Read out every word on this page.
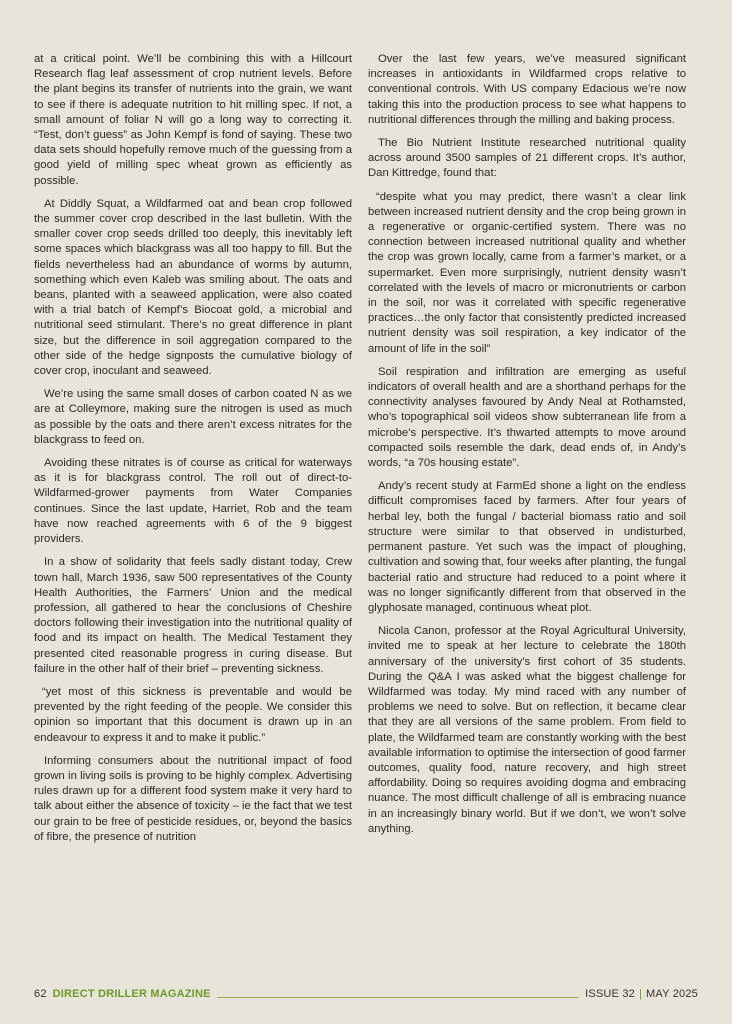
at a critical point. We’ll be combining this with a Hillcourt Research flag leaf assessment of crop nutrient levels. Before the plant begins its transfer of nutrients into the grain, we want to see if there is adequate nutrition to hit milling spec. If not, a small amount of foliar N will go a long way to correcting it. “Test, don’t guess” as John Kempf is fond of saying. These two data sets should hopefully remove much of the guessing from a good yield of milling spec wheat grown as efficiently as possible.

At Diddly Squat, a Wildfarmed oat and bean crop followed the summer cover crop described in the last bulletin. With the smaller cover crop seeds drilled too deeply, this inevitably left some spaces which blackgrass was all too happy to fill. But the fields nevertheless had an abundance of worms by autumn, something which even Kaleb was smiling about. The oats and beans, planted with a seaweed application, were also coated with a trial batch of Kempf’s Biocoat gold, a microbial and nutritional seed stimulant. There’s no great difference in plant size, but the difference in soil aggregation compared to the other side of the hedge signposts the cumulative biology of cover crop, inoculant and seaweed.

We’re using the same small doses of carbon coated N as we are at Colleymore, making sure the nitrogen is used as much as possible by the oats and there aren’t excess nitrates for the blackgrass to feed on.

Avoiding these nitrates is of course as critical for waterways as it is for blackgrass control. The roll out of direct-to-Wildfarmed-grower payments from Water Companies continues. Since the last update, Harriet, Rob and the team have now reached agreements with 6 of the 9 biggest providers.

In a show of solidarity that feels sadly distant today, Crew town hall, March 1936, saw 500 representatives of the County Health Authorities, the Farmers’ Union and the medical profession, all gathered to hear the conclusions of Cheshire doctors following their investigation into the nutritional quality of food and its impact on health. The Medical Testament they presented cited reasonable progress in curing disease. But failure in the other half of their brief – preventing sickness.

“yet most of this sickness is preventable and would be prevented by the right feeding of the people. We consider this opinion so important that this document is drawn up in an endeavour to express it and to make it public.”

Informing consumers about the nutritional impact of food grown in living soils is proving to be highly complex. Advertising rules drawn up for a different food system make it very hard to talk about either the absence of toxicity – ie the fact that we test our grain to be free of pesticide residues, or, beyond the basics of fibre, the presence of nutrition

Over the last few years, we’ve measured significant increases in antioxidants in Wildfarmed crops relative to conventional controls. With US company Edacious we’re now taking this into the production process to see what happens to nutritional differences through the milling and baking process.

The Bio Nutrient Institute researched nutritional quality across around 3500 samples of 21 different crops. It’s author, Dan Kittredge, found that:

“despite what you may predict, there wasn’t a clear link between increased nutrient density and the crop being grown in a regenerative or organic-certified system. There was no connection between increased nutritional quality and whether the crop was grown locally, came from a farmer’s market, or a supermarket. Even more surprisingly, nutrient density wasn’t correlated with the levels of macro or micronutrients or carbon in the soil, nor was it correlated with specific regenerative practices…the only factor that consistently predicted increased nutrient density was soil respiration, a key indicator of the amount of life in the soil”

Soil respiration and infiltration are emerging as useful indicators of overall health and are a shorthand perhaps for the connectivity analyses favoured by Andy Neal at Rothamsted, who’s topographical soil videos show subterranean life from a microbe’s perspective. It’s thwarted attempts to move around compacted soils resemble the dark, dead ends of, in Andy’s words, “a 70s housing estate”.

Andy’s recent study at FarmEd shone a light on the endless difficult compromises faced by farmers. After four years of herbal ley, both the fungal / bacterial biomass ratio and soil structure were similar to that observed in undisturbed, permanent pasture. Yet such was the impact of ploughing, cultivation and sowing that, four weeks after planting, the fungal bacterial ratio and structure had reduced to a point where it was no longer significantly different from that observed in the glyphosate managed, continuous wheat plot.

Nicola Canon, professor at the Royal Agricultural University, invited me to speak at her lecture to celebrate the 180th anniversary of the university’s first cohort of 35 students. During the Q&A I was asked what the biggest challenge for Wildfarmed was today. My mind raced with any number of problems we need to solve. But on reflection, it became clear that they are all versions of the same problem. From field to plate, the Wildfarmed team are constantly working with the best available information to optimise the intersection of good farmer outcomes, quality food, nature recovery, and high street affordability. Doing so requires avoiding dogma and embracing nuance. The most difficult challenge of all is embracing nuance in an increasingly binary world. But if we don’t, we won’t solve anything.

62 DIRECT DRILLER MAGAZINE	ISSUE 32 | MAY 2025
